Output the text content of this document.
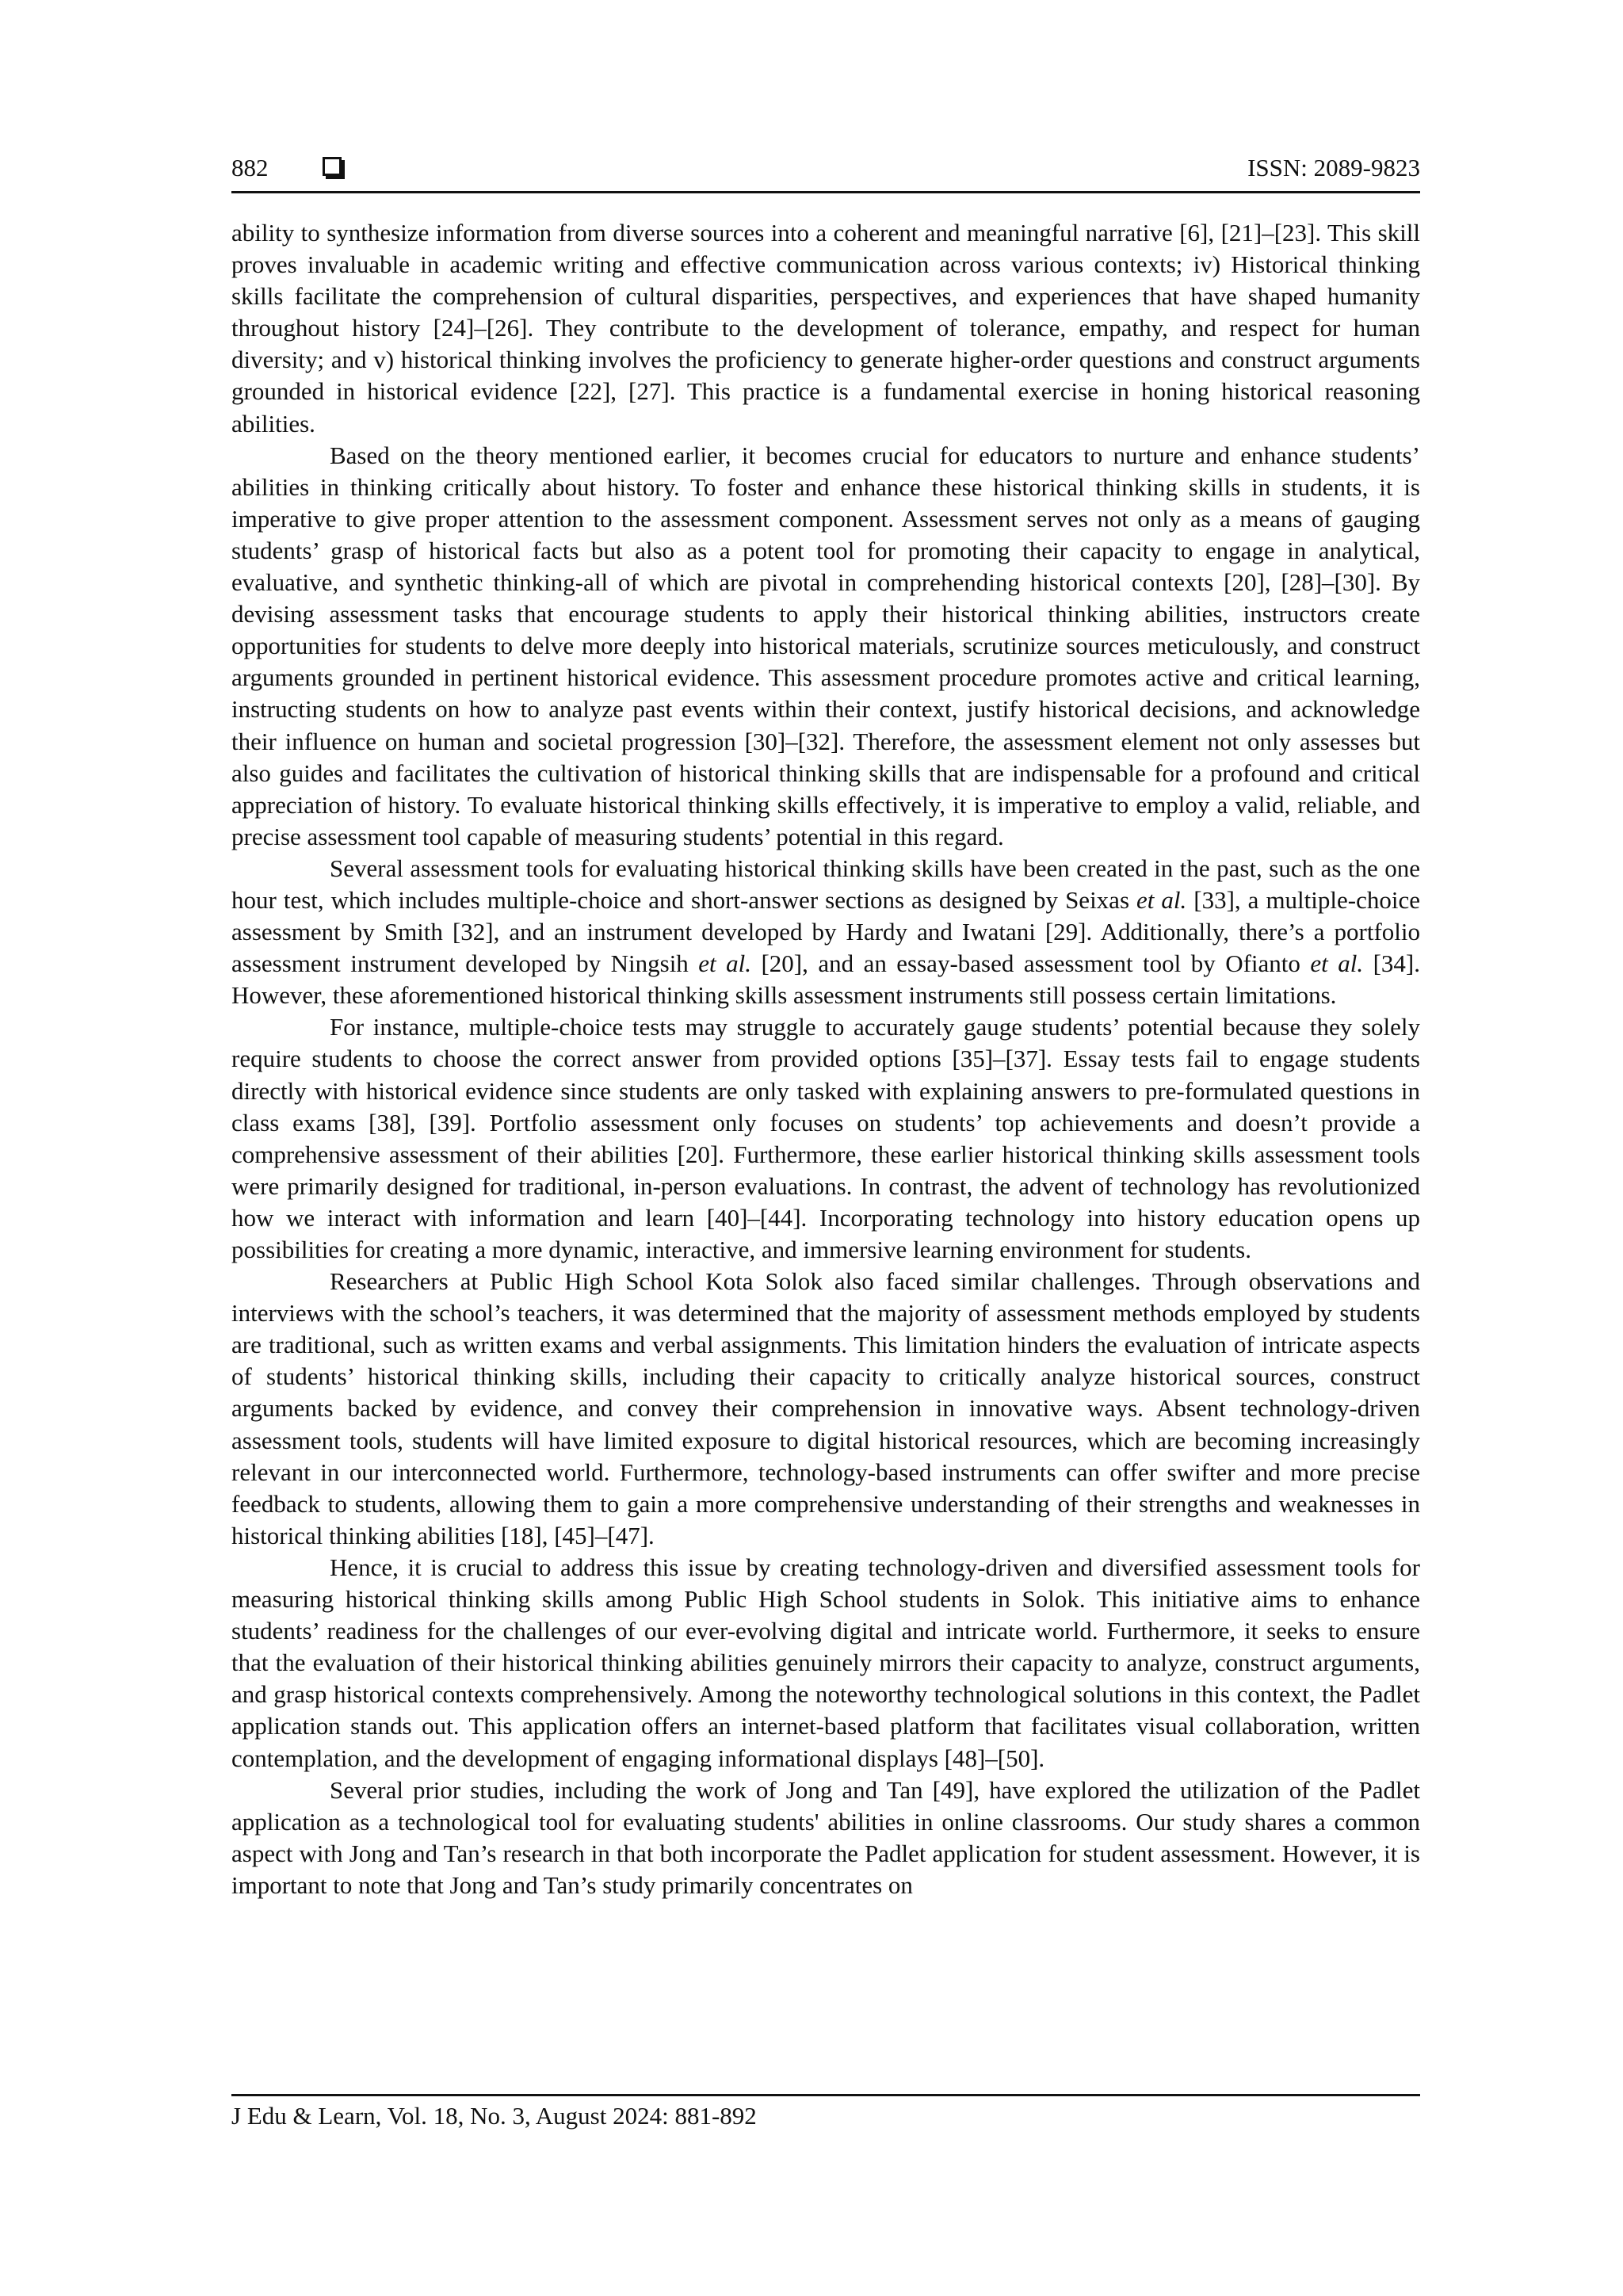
882	ISSN: 2089-9823

ability to synthesize information from diverse sources into a coherent and meaningful narrative [6], [21]‒[23]. This skill proves invaluable in academic writing and effective communication across various contexts; iv) Historical thinking skills facilitate the comprehension of cultural disparities, perspectives, and experiences that have shaped humanity throughout history [24]‒[26]. They contribute to the development of tolerance, empathy, and respect for human diversity; and v) historical thinking involves the proficiency to generate higher-order questions and construct arguments grounded in historical evidence [22], [27]. This practice is a fundamental exercise in honing historical reasoning abilities.

Based on the theory mentioned earlier, it becomes crucial for educators to nurture and enhance students’ abilities in thinking critically about history. To foster and enhance these historical thinking skills in students, it is imperative to give proper attention to the assessment component. Assessment serves not only as a means of gauging students’ grasp of historical facts but also as a potent tool for promoting their capacity to engage in analytical, evaluative, and synthetic thinking-all of which are pivotal in comprehending historical contexts [20], [28]‒[30]. By devising assessment tasks that encourage students to apply their historical thinking abilities, instructors create opportunities for students to delve more deeply into historical materials, scrutinize sources meticulously, and construct arguments grounded in pertinent historical evidence. This assessment procedure promotes active and critical learning, instructing students on how to analyze past events within their context, justify historical decisions, and acknowledge their influence on human and societal progression [30]‒[32]. Therefore, the assessment element not only assesses but also guides and facilitates the cultivation of historical thinking skills that are indispensable for a profound and critical appreciation of history. To evaluate historical thinking skills effectively, it is imperative to employ a valid, reliable, and precise assessment tool capable of measuring students’ potential in this regard.

Several assessment tools for evaluating historical thinking skills have been created in the past, such as the one hour test, which includes multiple-choice and short-answer sections as designed by Seixas et al. [33], a multiple-choice assessment by Smith [32], and an instrument developed by Hardy and Iwatani [29]. Additionally, there’s a portfolio assessment instrument developed by Ningsih et al. [20], and an essay-based assessment tool by Ofianto et al. [34]. However, these aforementioned historical thinking skills assessment instruments still possess certain limitations.

For instance, multiple-choice tests may struggle to accurately gauge students’ potential because they solely require students to choose the correct answer from provided options [35]‒[37]. Essay tests fail to engage students directly with historical evidence since students are only tasked with explaining answers to pre-formulated questions in class exams [38], [39]. Portfolio assessment only focuses on students’ top achievements and doesn’t provide a comprehensive assessment of their abilities [20]. Furthermore, these earlier historical thinking skills assessment tools were primarily designed for traditional, in-person evaluations. In contrast, the advent of technology has revolutionized how we interact with information and learn [40]‒[44]. Incorporating technology into history education opens up possibilities for creating a more dynamic, interactive, and immersive learning environment for students.

Researchers at Public High School Kota Solok also faced similar challenges. Through observations and interviews with the school’s teachers, it was determined that the majority of assessment methods employed by students are traditional, such as written exams and verbal assignments. This limitation hinders the evaluation of intricate aspects of students’ historical thinking skills, including their capacity to critically analyze historical sources, construct arguments backed by evidence, and convey their comprehension in innovative ways. Absent technology-driven assessment tools, students will have limited exposure to digital historical resources, which are becoming increasingly relevant in our interconnected world. Furthermore, technology-based instruments can offer swifter and more precise feedback to students, allowing them to gain a more comprehensive understanding of their strengths and weaknesses in historical thinking abilities [18], [45]‒[47].

Hence, it is crucial to address this issue by creating technology-driven and diversified assessment tools for measuring historical thinking skills among Public High School students in Solok. This initiative aims to enhance students’ readiness for the challenges of our ever-evolving digital and intricate world. Furthermore, it seeks to ensure that the evaluation of their historical thinking abilities genuinely mirrors their capacity to analyze, construct arguments, and grasp historical contexts comprehensively. Among the noteworthy technological solutions in this context, the Padlet application stands out. This application offers an internet-based platform that facilitates visual collaboration, written contemplation, and the development of engaging informational displays [48]‒[50].

Several prior studies, including the work of Jong and Tan [49], have explored the utilization of the Padlet application as a technological tool for evaluating students' abilities in online classrooms. Our study shares a common aspect with Jong and Tan’s research in that both incorporate the Padlet application for student assessment. However, it is important to note that Jong and Tan’s study primarily concentrates on

J Edu & Learn, Vol. 18, No. 3, August 2024: 881-892
